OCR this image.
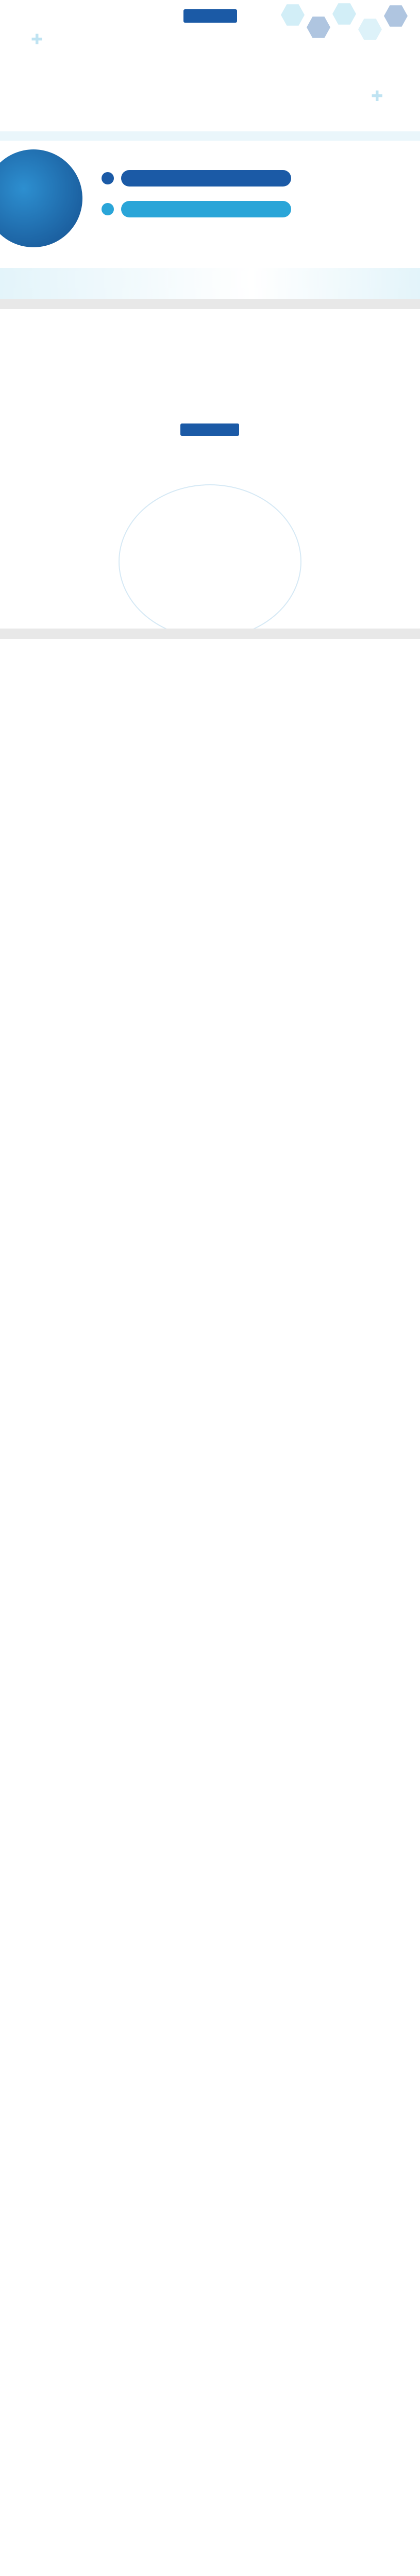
✚
✚
